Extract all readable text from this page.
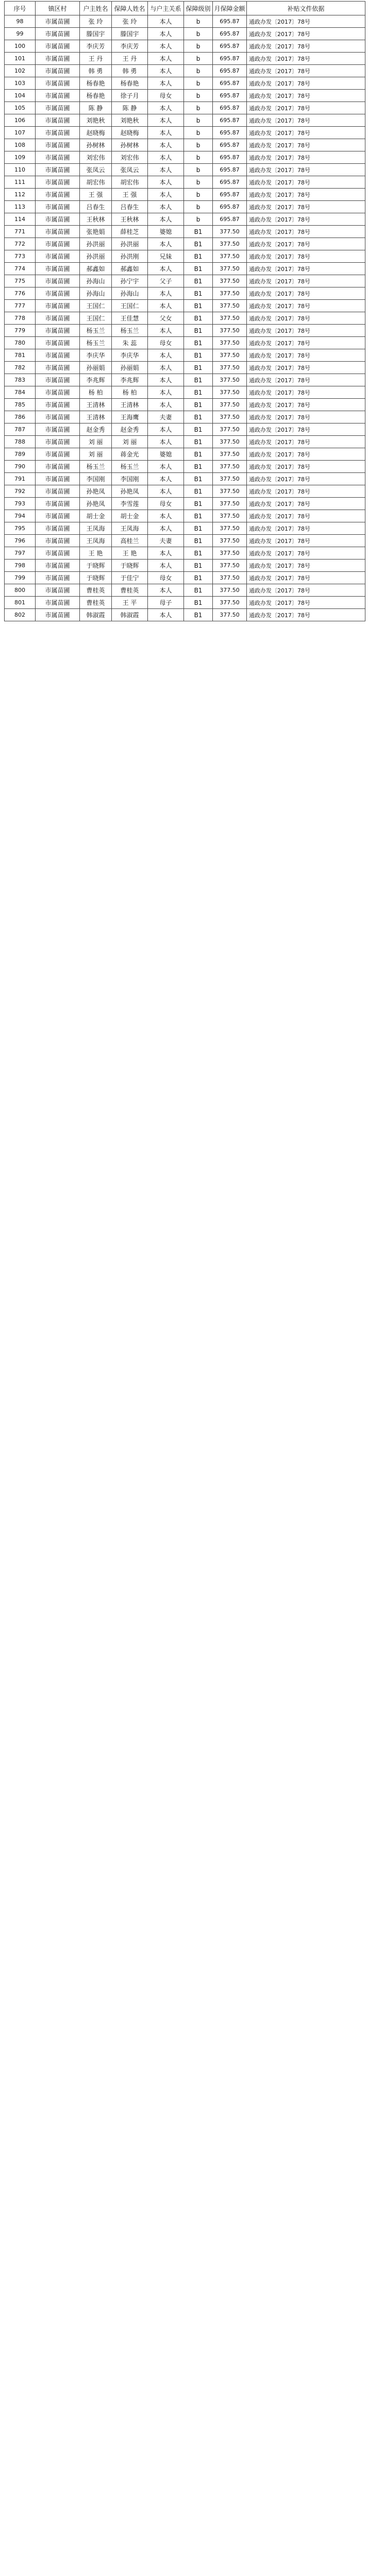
序号	镇区村	户主姓名	保障人姓名	与户主关系	保障级别	月保障金额	补贴文件依据
98	市属苗圃	张 玲	张 玲	本人	b	695.87	通政办发〔2017〕78号
99	市属苗圃	滕国宇	滕国宇	本人	b	695.87	通政办发〔2017〕78号
100	市属苗圃	李庆芳	李庆芳	本人	b	695.87	通政办发〔2017〕78号
101	市属苗圃	王 丹	王 丹	本人	b	695.87	通政办发〔2017〕78号
102	市属苗圃	韩 勇	韩 勇	本人	b	695.87	通政办发〔2017〕78号
103	市属苗圃	杨春艳	杨春艳	本人	b	695.87	通政办发〔2017〕78号
104	市属苗圃	杨春艳	徐子月	母女	b	695.87	通政办发〔2017〕78号
105	市属苗圃	陈 静	陈 静	本人	b	695.87	通政办发〔2017〕78号
106	市属苗圃	刘艳秋	刘艳秋	本人	b	695.87	通政办发〔2017〕78号
107	市属苗圃	赵晓梅	赵晓梅	本人	b	695.87	通政办发〔2017〕78号
108	市属苗圃	孙树林	孙树林	本人	b	695.87	通政办发〔2017〕78号
109	市属苗圃	刘宏伟	刘宏伟	本人	b	695.87	通政办发〔2017〕78号
110	市属苗圃	张凤云	张凤云	本人	b	695.87	通政办发〔2017〕78号
111	市属苗圃	胡宏伟	胡宏伟	本人	b	695.87	通政办发〔2017〕78号
112	市属苗圃	王 强	王 强	本人	b	695.87	通政办发〔2017〕78号
113	市属苗圃	吕春生	吕春生	本人	b	695.87	通政办发〔2017〕78号
114	市属苗圃	王秋林	王秋林	本人	b	695.87	通政办发〔2017〕78号
771	市属苗圃	张艳娟	薛桂芝	婆媳	B1	377.50	通政办发〔2017〕78号
772	市属苗圃	孙洪丽	孙洪丽	本人	B1	377.50	通政办发〔2017〕78号
773	市属苗圃	孙洪丽	孙洪刚	兄妹	B1	377.50	通政办发〔2017〕78号
774	市属苗圃	郝鑫如	郝鑫如	本人	B1	377.50	通政办发〔2017〕78号
775	市属苗圃	孙海山	孙宁宇	父子	B1	377.50	通政办发〔2017〕78号
776	市属苗圃	孙海山	孙海山	本人	B1	377.50	通政办发〔2017〕78号
777	市属苗圃	王国仁	王国仁	本人	B1	377.50	通政办发〔2017〕78号
778	市属苗圃	王国仁	王佳慧	父女	B1	377.50	通政办发〔2017〕78号
779	市属苗圃	杨玉兰	杨玉兰	本人	B1	377.50	通政办发〔2017〕78号
780	市属苗圃	杨玉兰	朱 蕊	母女	B1	377.50	通政办发〔2017〕78号
781	市属苗圃	李庆华	李庆华	本人	B1	377.50	通政办发〔2017〕78号
782	市属苗圃	孙丽娟	孙丽娟	本人	B1	377.50	通政办发〔2017〕78号
783	市属苗圃	李兆辉	李兆辉	本人	B1	377.50	通政办发〔2017〕78号
784	市属苗圃	杨 柏	杨 柏	本人	B1	377.50	通政办发〔2017〕78号
785	市属苗圃	王清林	王清林	本人	B1	377.50	通政办发〔2017〕78号
786	市属苗圃	王清林	王海鹰	夫妻	B1	377.50	通政办发〔2017〕78号
787	市属苗圃	赵金秀	赵金秀	本人	B1	377.50	通政办发〔2017〕78号
788	市属苗圃	刘 丽	刘 丽	本人	B1	377.50	通政办发〔2017〕78号
789	市属苗圃	刘 丽	蒋金光	婆媳	B1	377.50	通政办发〔2017〕78号
790	市属苗圃	杨玉兰	杨玉兰	本人	B1	377.50	通政办发〔2017〕78号
791	市属苗圃	李国刚	李国刚	本人	B1	377.50	通政办发〔2017〕78号
792	市属苗圃	孙艳凤	孙艳凤	本人	B1	377.50	通政办发〔2017〕78号
793	市属苗圃	孙艳凤	李雪莲	母女	B1	377.50	通政办发〔2017〕78号
794	市属苗圃	胡士金	胡士金	本人	B1	377.50	通政办发〔2017〕78号
795	市属苗圃	王凤海	王凤海	本人	B1	377.50	通政办发〔2017〕78号
796	市属苗圃	王凤海	高桂兰	夫妻	B1	377.50	通政办发〔2017〕78号
797	市属苗圃	王 艳	王 艳	本人	B1	377.50	通政办发〔2017〕78号
798	市属苗圃	于晓辉	于晓辉	本人	B1	377.50	通政办发〔2017〕78号
799	市属苗圃	于晓辉	于佳宁	母女	B1	377.50	通政办发〔2017〕78号
800	市属苗圃	曹桂英	曹桂英	本人	B1	377.50	通政办发〔2017〕78号
801	市属苗圃	曹桂英	王 平	母子	B1	377.50	通政办发〔2017〕78号
802	市属苗圃	韩淑霞	韩淑霞	本人	B1	377.50	通政办发〔2017〕78号
